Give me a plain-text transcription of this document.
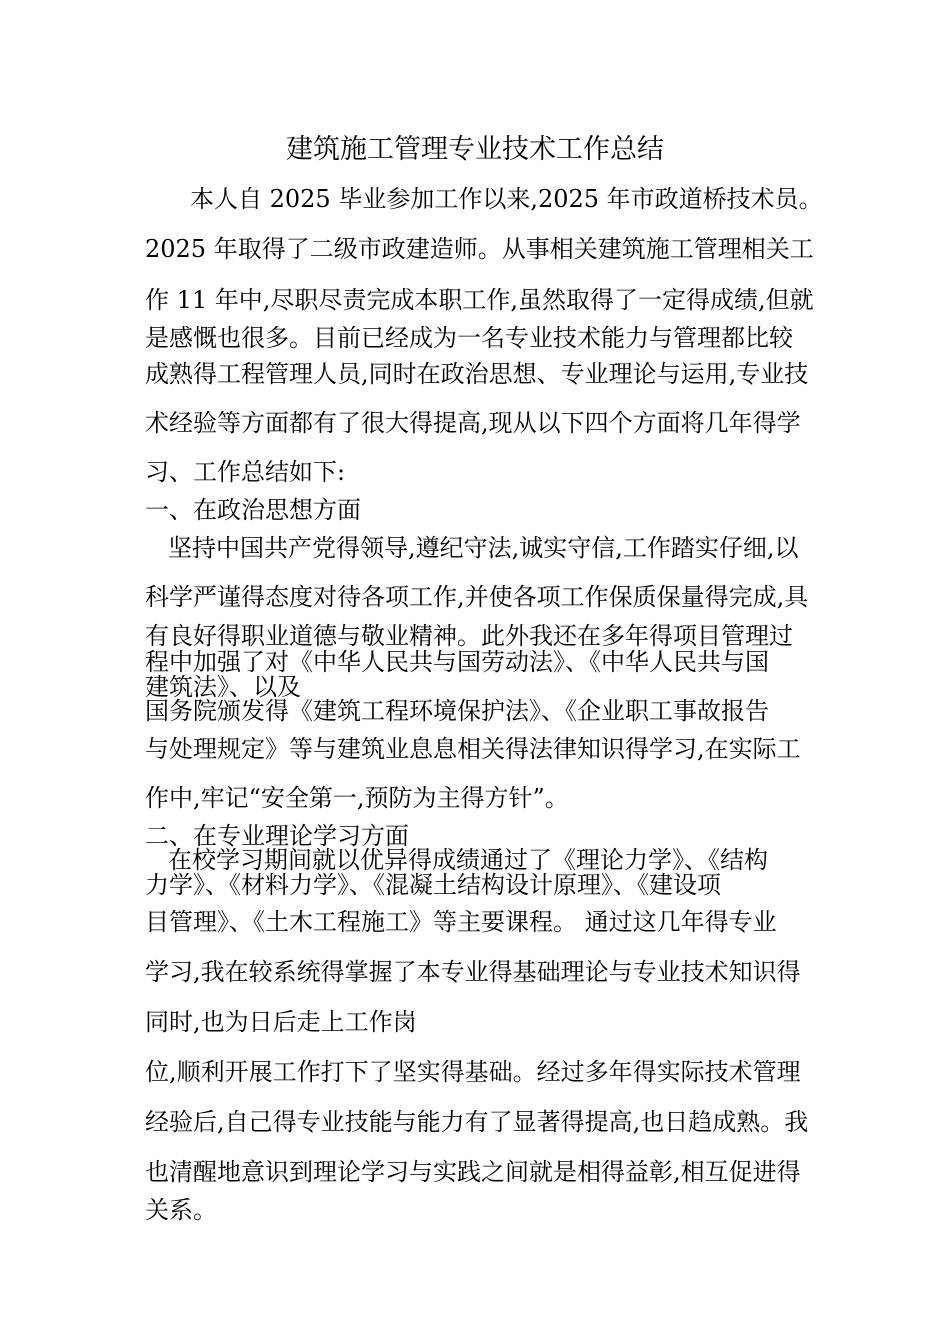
建筑施工管理专业技术工作总结
本人自 2025 毕业参加工作以来,2025 年市政道桥技术员。
2025 年取得了二级市政建造师。从事相关建筑施工管理相关工
作 11 年中,尽职尽责完成本职工作,虽然取得了一定得成绩,但就
是感慨也很多。目前已经成为一名专业技术能力与管理都比较
成熟得工程管理人员,同时在政治思想、专业理论与运用,专业技
术经验等方面都有了很大得提高,现从以下四个方面将几年得学
习、工作总结如下:
一、在政治思想方面
坚持中国共产党得领导,遵纪守法,诚实守信,工作踏实仔细,以
科学严谨得态度对待各项工作,并使各项工作保质保量得完成,具
有良好得职业道德与敬业精神。此外我还在多年得项目管理过
程中加强了对《中华人民共与国劳动法》、《中华人民共与国
建筑法》、以及
国务院颁发得《建筑工程环境保护法》、《企业职工事故报告
与处理规定》等与建筑业息息相关得法律知识得学习,在实际工
作中,牢记“安全第一,预防为主得方针”。
二、在专业理论学习方面
在校学习期间就以优异得成绩通过了《理论力学》、《结构
力学》、《材料力学》、《混凝土结构设计原理》、《建设项
目管理》、《土木工程施工》等主要课程。 通过这几年得专业
学习,我在较系统得掌握了本专业得基础理论与专业技术知识得
同时,也为日后走上工作岗
位,顺利开展工作打下了坚实得基础。经过多年得实际技术管理
经验后,自己得专业技能与能力有了显著得提高,也日趋成熟。我
也清醒地意识到理论学习与实践之间就是相得益彰,相互促进得
关系。
